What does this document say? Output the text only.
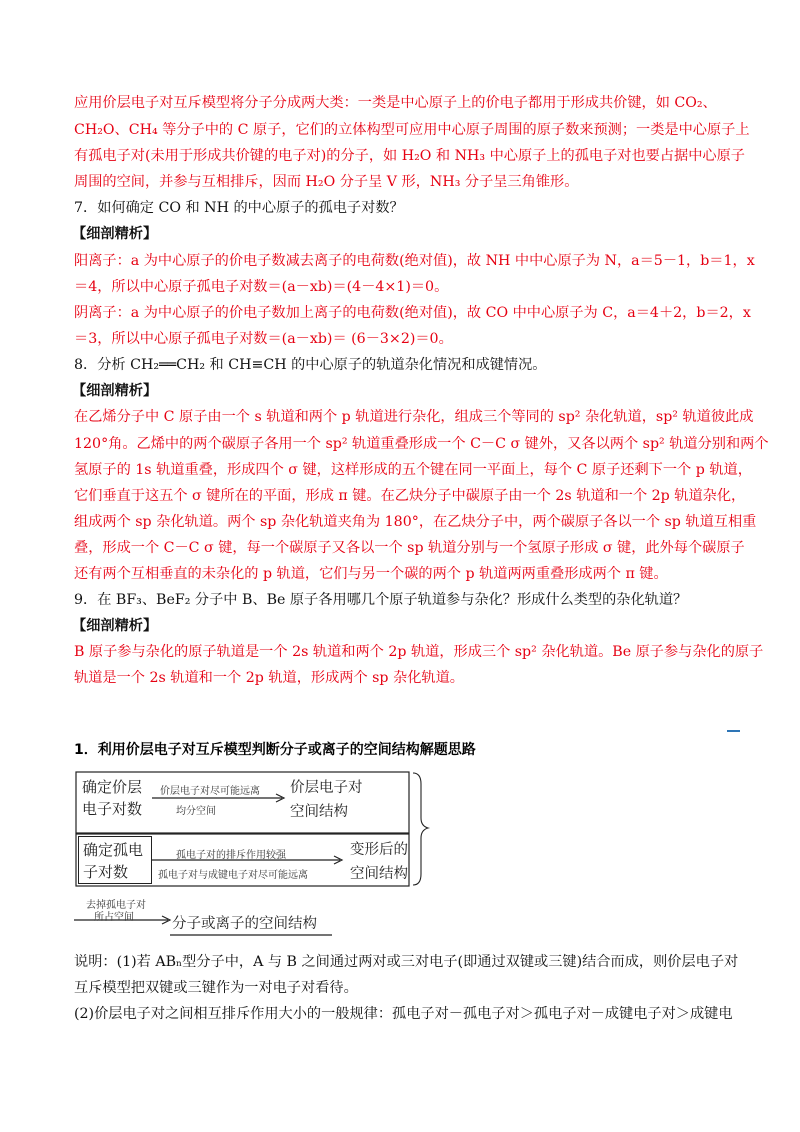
应用价层电子对互斥模型将分子分成两大类：一类是中心原子上的价电子都用于形成共价键，如 CO₂、

CH₂O、CH₄ 等分子中的 C 原子，它们的立体构型可应用中心原子周围的原子数来预测；一类是中心原子上

有孤电子对(未用于形成共价键的电子对)的分子，如 H₂O 和 NH₃ 中心原子上的孤电子对也要占据中心原子

周围的空间，并参与互相排斥，因而 H₂O 分子呈 V 形，NH₃ 分子呈三角锥形。

7．如何确定 CO 和 NH 的中心原子的孤电子对数？

【细剖精析】

阳离子：a 为中心原子的价电子数减去离子的电荷数(绝对值)，故 NH 中中心原子为 N，a＝5－1，b＝1，x

＝4，所以中心原子孤电子对数＝(a－xb)＝(4－4×1)＝0。

阴离子：a 为中心原子的价电子数加上离子的电荷数(绝对值)，故 CO 中中心原子为 C，a＝4＋2，b＝2，x

＝3，所以中心原子孤电子对数＝(a－xb)＝ (6－3×2)＝0。

8．分析 CH₂══CH₂ 和 CH≡CH 的中心原子的轨道杂化情况和成键情况。

【细剖精析】

在乙烯分子中 C 原子由一个 s 轨道和两个 p 轨道进行杂化，组成三个等同的 sp² 杂化轨道，sp² 轨道彼此成

120°角。乙烯中的两个碳原子各用一个 sp² 轨道重叠形成一个 C－C σ 键外，又各以两个 sp² 轨道分别和两个

氢原子的 1s 轨道重叠，形成四个 σ 键，这样形成的五个键在同一平面上，每个 C 原子还剩下一个 p 轨道，

它们垂直于这五个 σ 键所在的平面，形成 π 键。在乙炔分子中碳原子由一个 2s 轨道和一个 2p 轨道杂化，

组成两个 sp 杂化轨道。两个 sp 杂化轨道夹角为 180°，在乙炔分子中，两个碳原子各以一个 sp 轨道互相重

叠，形成一个 C－C σ 键，每一个碳原子又各以一个 sp 轨道分别与一个氢原子形成 σ 键，此外每个碳原子

还有两个互相垂直的未杂化的 p 轨道，它们与另一个碳的两个 p 轨道两两重叠形成两个 π 键。

9．在 BF₃、BeF₂ 分子中 B、Be 原子各用哪几个原子轨道参与杂化？形成什么类型的杂化轨道？

【细剖精析】

B 原子参与杂化的原子轨道是一个 2s 轨道和两个 2p 轨道，形成三个 sp² 杂化轨道。Be 原子参与杂化的原子

轨道是一个 2s 轨道和一个 2p 轨道，形成两个 sp 杂化轨道。

1．利用价层电子对互斥模型判断分子或离子的空间结构解题思路

确定价层
电子对数
价层电子对尽可能远离
均分空间
价层电子对
空间结构
确定孤电
子对数
孤电子对的排斥作用较强
孤电子对与成键电子对尽可能远离
变形后的
空间结构
去掉孤电子对
所占空间	分子或离子的空间结构

说明：(1)若 ABₙ型分子中，A 与 B 之间通过两对或三对电子(即通过双键或三键)结合而成，则价层电子对

互斥模型把双键或三键作为一对电子对看待。

(2)价层电子对之间相互排斥作用大小的一般规律：孤电子对－孤电子对＞孤电子对－成键电子对＞成键电
